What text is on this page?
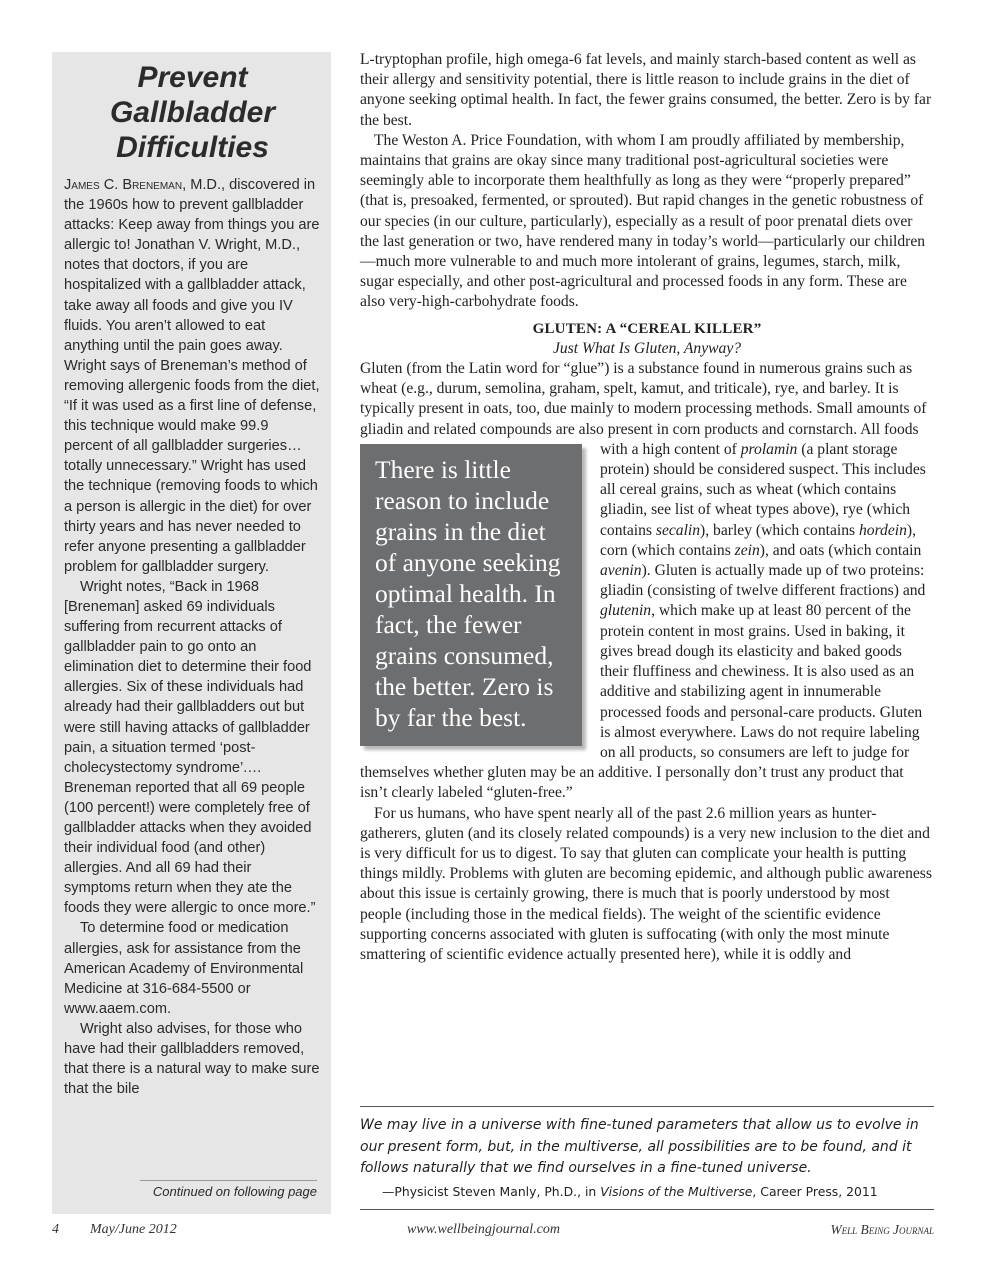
Prevent Gallbladder Difficulties

James C. Breneman, M.D., discovered in the 1960s how to prevent gallbladder attacks: Keep away from things you are allergic to! Jonathan V. Wright, M.D., notes that doctors, if you are hospitalized with a gallbladder attack, take away all foods and give you IV fluids. You aren’t allowed to eat anything until the pain goes away. Wright says of Breneman’s method of removing allergenic foods from the diet, “If it was used as a first line of defense, this technique would make 99.9 percent of all gallbladder surgeries…totally unnecessary.” Wright has used the technique (removing foods to which a person is allergic in the diet) for over thirty years and has never needed to refer anyone presenting a gallbladder problem for gallbladder surgery.

Wright notes, “Back in 1968 [Breneman] asked 69 individuals suffering from recurrent attacks of gallbladder pain to go onto an elimination diet to determine their food allergies. Six of these individuals had already had their gallbladders out but were still having attacks of gallbladder pain, a situation termed ‘post-cholecystectomy syndrome’.… Breneman reported that all 69 people (100 percent!) were completely free of gallbladder attacks when they avoided their individual food (and other) allergies. And all 69 had their symptoms return when they ate the foods they were allergic to once more.”

To determine food or medication allergies, ask for assistance from the American Academy of Environmental Medicine at 316-684-5500 or www.aaem.com.

Wright also advises, for those who have had their gallbladders removed, that there is a natural way to make sure that the bile

Continued on following page

L-tryptophan profile, high omega-6 fat levels, and mainly starch-based content as well as their allergy and sensitivity potential, there is little reason to include grains in the diet of anyone seeking optimal health. In fact, the fewer grains consumed, the better. Zero is by far the best.

The Weston A. Price Foundation, with whom I am proudly affiliated by membership, maintains that grains are okay since many traditional post-agricultural societies were seemingly able to incorporate them healthfully as long as they were “properly prepared” (that is, presoaked, fermented, or sprouted). But rapid changes in the genetic robustness of our species (in our culture, particularly), especially as a result of poor prenatal diets over the last generation or two, have rendered many in today’s world—particularly our children—much more vulnerable to and much more intolerant of grains, legumes, starch, milk, sugar especially, and other post-agricultural and processed foods in any form. These are also very-high-carbohydrate foods.

GLUTEN: A “CEREAL KILLER”
Just What Is Gluten, Anyway?

Gluten (from the Latin word for “glue”) is a substance found in numerous grains such as wheat (e.g., durum, semolina, graham, spelt, kamut, and triticale), rye, and barley. It is typically present in oats, too, due mainly to modern processing methods. Small amounts of gliadin and related compounds are also present in corn products and cornstarch. All foods with a high content of
There is little reason to include grains in the diet of anyone seeking optimal health. In fact, the fewer grains consumed, the better. Zero is by far the best.
prolamin (a plant storage protein) should be considered suspect. This includes all cereal grains, such as wheat (which contains gliadin, see list of wheat types above), rye (which contains secalin), barley (which contains hordein), corn (which contains zein), and oats (which contain avenin). Gluten is actually made up of two proteins: gliadin (consisting of twelve different fractions) and glutenin, which make up at least 80 percent of the protein content in most grains. Used in baking, it gives bread dough its elasticity and baked goods their fluffiness and chewiness. It is also used as an additive and stabilizing agent in innumerable processed foods and personal-care products. Gluten is almost everywhere. Laws do not require labeling on all products, so consumers are left to judge for themselves whether gluten may be an additive. I personally don’t trust any product that isn’t clearly labeled “gluten-free.”

For us humans, who have spent nearly all of the past 2.6 million years as hunter-gatherers, gluten (and its closely related compounds) is a very new inclusion to the diet and is very difficult for us to digest. To say that gluten can complicate your health is putting things mildly. Problems with gluten are becoming epidemic, and although public awareness about this issue is certainly growing, there is much that is poorly understood by most people (including those in the medical fields). The weight of the scientific evidence supporting concerns associated with gluten is suffocating (with only the most minute smattering of scientific evidence actually presented here), while it is oddly and

We may live in a universe with fine-tuned parameters that allow us to evolve in our present form, but, in the multiverse, all possibilities are to be found, and it follows naturally that we find ourselves in a fine-tuned universe.

—Physicist Steven Manly, Ph.D., in Visions of the Multiverse, Career Press, 2011
4 May/June 2012	www.wellbeingjournal.com	Well Being Journal
